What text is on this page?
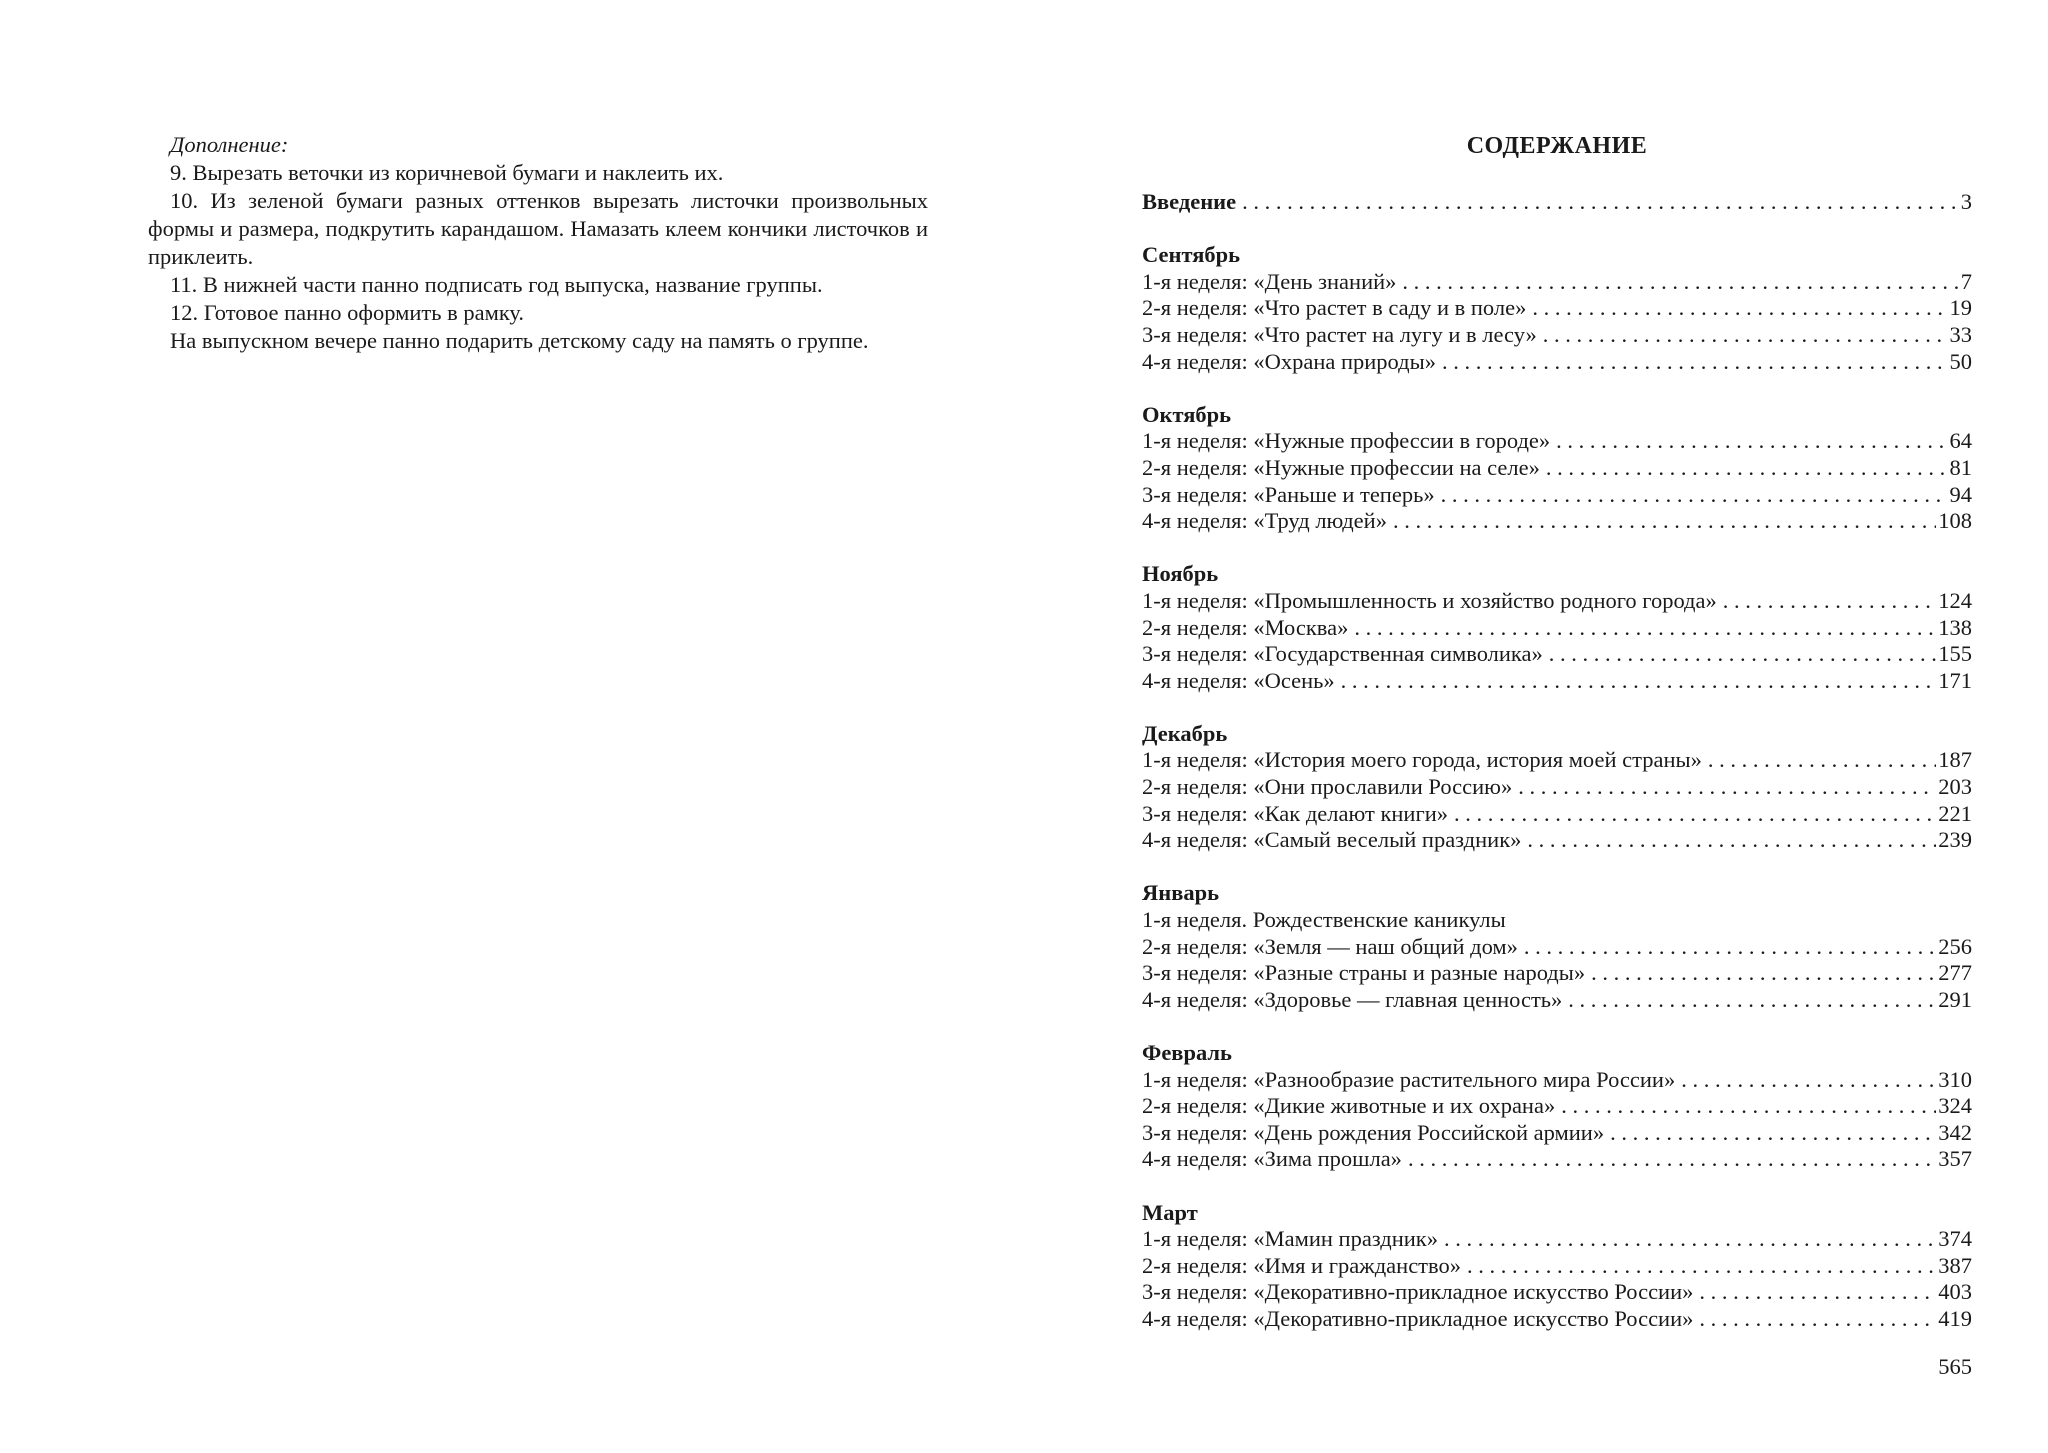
Дополнение:

9. Вырезать веточки из коричневой бумаги и наклеить их.

10. Из зеленой бумаги разных оттенков вырезать листочки произвольных формы и размера, подкрутить карандашом. Намазать клеем кончики листочков и приклеить.

11. В нижней части панно подписать год выпуска, название группы.

12. Готовое панно оформить в рамку.

На выпускном вечере панно подарить детскому саду на память о группе.

СОДЕРЖАНИЕ
Введение . . .	3
Сентябрь
1-я неделя: «День знаний» . . .	7
2-я неделя: «Что растет в саду и в поле» . . .	19
3-я неделя: «Что растет на лугу и в лесу» . . .	33
4-я неделя: «Охрана природы» . . .	50
Октябрь
1-я неделя: «Нужные профессии в городе» . . .	64
2-я неделя: «Нужные профессии на селе» . . .	81
3-я неделя: «Раньше и теперь» . . .	94
4-я неделя: «Труд людей» . . .	108
Ноябрь
1-я неделя: «Промышленность и хозяйство родного города» . . .	124
2-я неделя: «Москва» . . .	138
3-я неделя: «Государственная символика» . . .	155
4-я неделя: «Осень» . . .	171
Декабрь
1-я неделя: «История моего города, история моей страны» . . .	187
2-я неделя: «Они прославили Россию» . . .	203
3-я неделя: «Как делают книги» . . .	221
4-я неделя: «Самый веселый праздник» . . .	239
Январь
1-я неделя. Рождественские каникулы
2-я неделя: «Земля — наш общий дом» . . .	256
3-я неделя: «Разные страны и разные народы» . . .	277
4-я неделя: «Здоровье — главная ценность» . . .	291
Февраль
1-я неделя: «Разнообразие растительного мира России» . . .	310
2-я неделя: «Дикие животные и их охрана» . . .	324
3-я неделя: «День рождения Российской армии» . . .	342
4-я неделя: «Зима прошла» . . .	357
Март
1-я неделя: «Мамин праздник» . . .	374
2-я неделя: «Имя и гражданство» . . .	387
3-я неделя: «Декоративно-прикладное искусство России» . . .	403
4-я неделя: «Декоративно-прикладное искусство России» . . .	419
565
